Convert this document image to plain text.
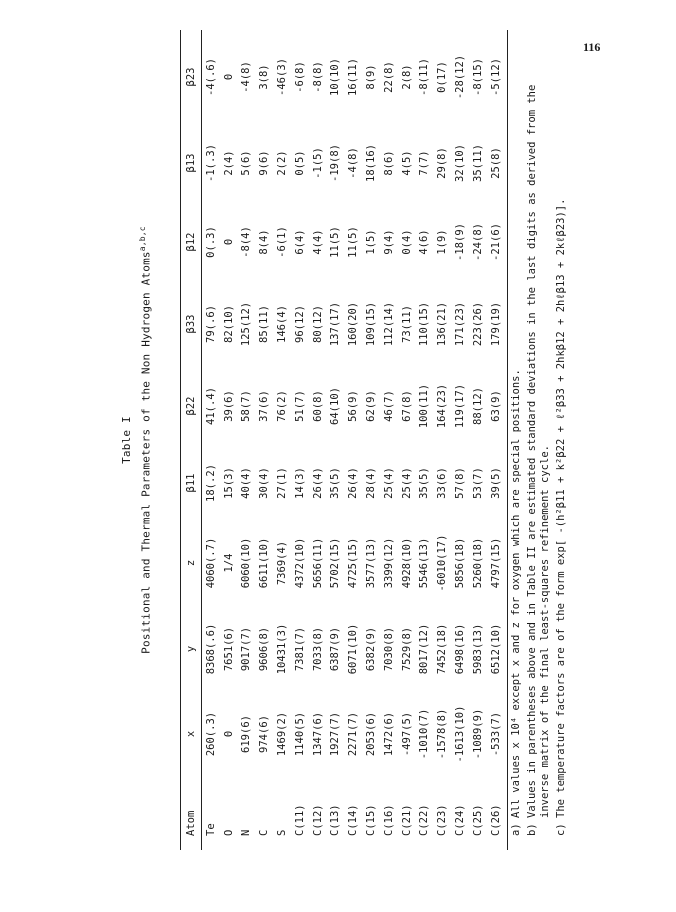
116
Table I Positional and Thermal Parameters of the Non Hydrogen Atoms$^{a,b,c}$
Atom	x	y	z	β11	β22	β33	β12	β13	β23
Te	260(.3)	8368(.6)	4060(.7)	18(.2)	41(.4)	79(.6)	0(.3)	-1(.3)	-4(.6)
O	0	7651(6)	1/4	15(3)	39(6)	82(10)	0	2(4)	0
N	619(6)	9017(7)	6060(10)	40(4)	58(7)	125(12)	-8(4)	5(6)	-4(8)
C	974(6)	9606(8)	6611(10)	30(4)	37(6)	85(11)	8(4)	9(6)	3(8)
S	1469(2)	10431(3)	7369(4)	27(1)	76(2)	146(4)	-6(1)	2(2)	-46(3)
C(11)	1140(5)	7381(7)	4372(10)	14(3)	51(7)	96(12)	6(4)	0(5)	-6(8)
C(12)	1347(6)	7033(8)	5656(11)	26(4)	60(8)	80(12)	4(4)	-1(5)	-8(8)
C(13)	1927(7)	6387(9)	5702(15)	35(5)	64(10)	137(17)	11(5)	-19(8)	10(10)
C(14)	2271(7)	6071(10)	4725(15)	26(4)	56(9)	160(20)	11(5)	-4(8)	16(11)
C(15)	2053(6)	6382(9)	3577(13)	28(4)	62(9)	109(15)	1(5)	18(16)	8(9)
C(16)	1472(6)	7030(8)	3399(12)	25(4)	46(7)	112(14)	9(4)	8(6)	22(8)
C(21)	-497(5)	7529(8)	4928(10)	25(4)	67(8)	73(11)	0(4)	4(5)	2(8)
C(22)	-1010(7)	8017(12)	5546(13)	35(5)	100(11)	110(15)	4(6)	7(7)	-8(11)
C(23)	-1578(8)	7452(18)	-6010(17)	33(6)	164(23)	136(21)	1(9)	29(8)	0(17)
C(24)	-1613(10)	6498(16)	5856(18)	57(8)	119(17)	171(23)	-18(9)	32(10)	-28(12)
C(25)	-1089(9)	5983(13)	5260(18)	53(7)	88(12)	223(26)	-24(8)	35(11)	-8(15)
C(26)	-533(7)	6512(10)	4797(15)	39(5)	63(9)	179(19)	-21(6)	25(8)	-5(12)
a)
All values x 10⁴ except x and z for oxygen which are special positions.
b)
Values in parentheses above and in Table II are estimated standard deviations in the last digits as derived from the inverse matrix of the final least-squares refinement cycle.
c)
The temperature factors are of the form exp[ -(h²β11 + k²β22 + ℓ²β33 + 2hkβ12 + 2hℓβ13 + 2kℓβ23)].
